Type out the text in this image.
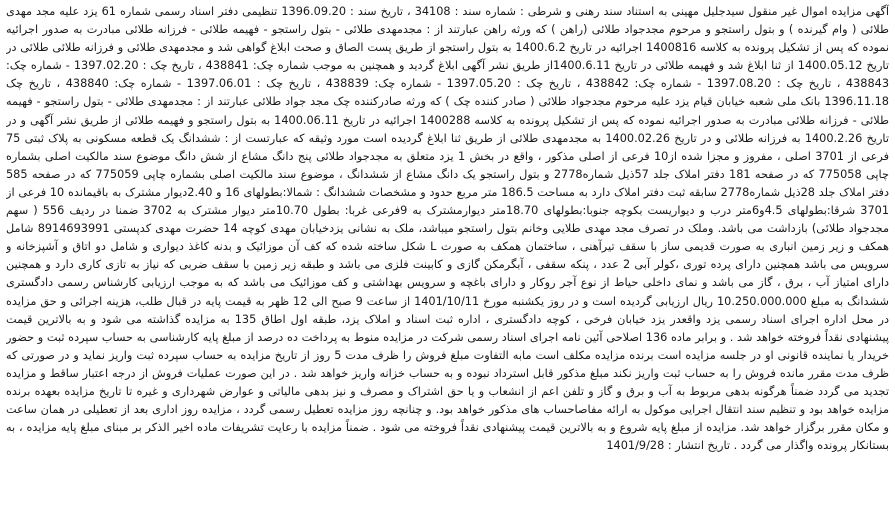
آگهی مزایده اموال غیر منقول سیدجلیل مهینی به استناد سند رهنی و شرطی : شماره سند : 34108 ، تاریخ سند : 1396.09.20 تنظیمی دفتر اسناد رسمی شماره 61 یزد علیه مجد مهدی طلائی ( وام گیرنده ) و بتول راستجو و مرحوم مجدجواد طلائی (راهن ) که ورثه راهن عبارتند از : مجدمهدی طلائی - بتول راستجو - فهیمه طلائی - فرزانه طلائی مبادرت به صدور اجرائیه نموده که پس از تشکیل پرونده به کلاسه 1400816 اجرائیه در تاریخ 1400.6.2 به بتول راستجو از طریق پست الصاق و صحت ابلاغ گواهی شد و مجدمهدی طلائی و فرزانه طلائی طلائی در تاریخ 1400.05.12 از ثنا ابلاغ شد و فهیمه طلائی در تاریخ 1400.6.11از طریق نشر آگهی ابلاغ گردید و همچنین به موجب شماره چک: 438841 ، تاریخ چک : 1397.02.20 - شماره چک: 438843 ، تاریخ چک : 1397.08.20 - شماره چک: 438842 ، تاریخ چک : 1397.05.20 - شماره چک: 438839 ، تاریخ چک : 1397.06.01 - شماره چک: 438840 ، تاریخ چک 1396.11.18 بانک ملی شعبه خیابان قیام یزد علیه مرحوم مجدجواد طلائی ( صادر کننده چک ) که ورثه صادرکننده چک مجد جواد طلائی عبارتند از : مجدمهدی طلائی - بتول راستجو - فهیمه طلائی - فرزانه طلائی مبادرت به صدور اجرائیه نموده که پس از تشکیل پرونده به کلاسه 1400288 اجرائیه در تاریخ 1400.06.11 به بتول راستجو و فهیمه طلائی از طریق نشر آگهی و در تاریخ 1400.2.26 به فرزانه طلائی و در تاریخ 1400.02.26 به مجدمهدی طلائی از طریق ثنا ابلاغ گردیده است مورد وثیقه که عبارتست از : ششدانگ یک قطعه مسکونی به پلاک ثبتی 75 فرعی از 3701 اصلی ، مفروز و مجزا شده از10 فرعی از اصلی مذکور ، واقع در بخش 1 یزد متعلق به مجدجواد طلائی پنج دانگ مشاع از شش دانگ موضوع سند مالکیت اصلی بشماره چاپی 775058 که در صفحه 181 دفتر املاک جلد 57ذیل شماره2778 و بتول راستجو یک دانگ مشاع از ششدانگ ، موضوع سند مالکیت اصلی بشماره چاپی 775059 که در صفحه 585 دفتر املاک جلد 28ذیل شماره2778 سابقه ثبت دفتر املاک دارد به مساحت 186.5 متر مربع حدود و مشخصات ششدانگ : شمالا:بطولهای 16 و 2.40دیوار مشترک به باقیمانده 10 فرعی از 3701 شرقا:بطولهای 4.5و6متر درب و دیواریست بکوچه جنوبا:بطولهای 18.70متر دیوارمشترک به 9فرعی غربا: بطول 10.70متر دیوار مشترک به 3702 ضمنا در ردیف 556 ( سهم مجدجواد طلائی) بازداشت می باشد. وملک در تصرف مجد مهدی طلایی وخانم بتول راستجو میباشد، ملک به نشانی یزدخیابان مهدی کوچه 14 حضرت مهدی کدپستی 8914693991 شامل همکف و زیر زمین انباری به صورت قدیمی ساز با سقف تیرآهنی ، ساختمان همکف به صورت L شکل ساخته شده که کف آن موزائیک و بدنه کاغذ دیواری و شامل دو اتاق و آشپزخانه و سرویس می باشد همچنین دارای پرده توری ،کولر آبی 2 عدد ، پنکه سقفی ، آبگرمکن گازی و کابینت فلزی می باشد و طبقه زیر زمین با سقف ضربی که نیاز به تازی کاری دارد و همچنین دارای امتیاز آب ، برق ، گاز می باشد و نمای داخلی حیاط از نوع آجر روکار و دارای باغچه و سرویس بهداشتی و کف موزائیک می باشد که به موجب ارزیابی کارشناس رسمی دادگستری ششدانگ به مبلغ 10.250.000.000 ریال ارزیابی گردیده است و در روز یکشنبه مورخ 1401/10/11 از ساعت 9 صبح الی 12 ظهر به قیمت پایه در قبال طلب، هزینه اجرائی و حق مزایده در محل اداره اجرای اسناد رسمی یزد واقعدر یزد خیابان فرخی ، کوچه دادگستری ، اداره ثبت اسناد و املاک یزد، طبقه اول اطاق 135 به مزایده گذاشته می شود و به بالاترین قیمت پیشنهادی نقداً فروخته خواهد شد . و برابر ماده 136 اصلاحی آئین نامه اجرای اسناد رسمی شرکت در مزایده منوط به پرداخت ده درصد از مبلغ پایه کارشناسی به حساب سپرده ثبت و حضور خریدار یا نماینده قانونی او در جلسه مزایده است برنده مزایده مکلف است مابه التفاوت مبلغ فروش را ظرف مدت 5 روز از تاریخ مزایده به حساب سپرده ثبت واریز نماید و در صورتی که ظرف مدت مقرر مانده فروش را به حساب ثبت واریز نکند مبلغ مذکور قابل استرداد نبوده و به حساب خزانه واریز خواهد شد . در این صورت عملیات فروش از درجه اعتبار ساقط و مزایده تجدید می گردد ضمناً هرگونه بدهی مربوط به آب و برق و گاز و تلفن اعم از انشعاب و یا حق اشتراک و مصرف و نیز بدهی مالیاتی و عوارض شهرداری و غیره تا تاریخ مزایده بعهده برنده مزایده خواهد بود و تنظیم سند انتقال اجرایی موکول به ارائه مفاصاحساب های مذکور خواهد بود. و چنانچه روز مزایده تعطیل رسمی گردد ، مزایده روز اداری بعد از تعطیلی در همان ساعت و مکان مقرر برگزار خواهد شد. مزایده از مبلغ پایه شروع و به بالاترین قیمت پیشنهادی نقداً فروخته می شود . ضمناً مزایده با رعایت تشریفات ماده اخیر الذکر بر مبنای مبلغ پایه مزایده ، به بستانکار پرونده واگذار می گردد . تاریخ انتشار : 1401/9/28
